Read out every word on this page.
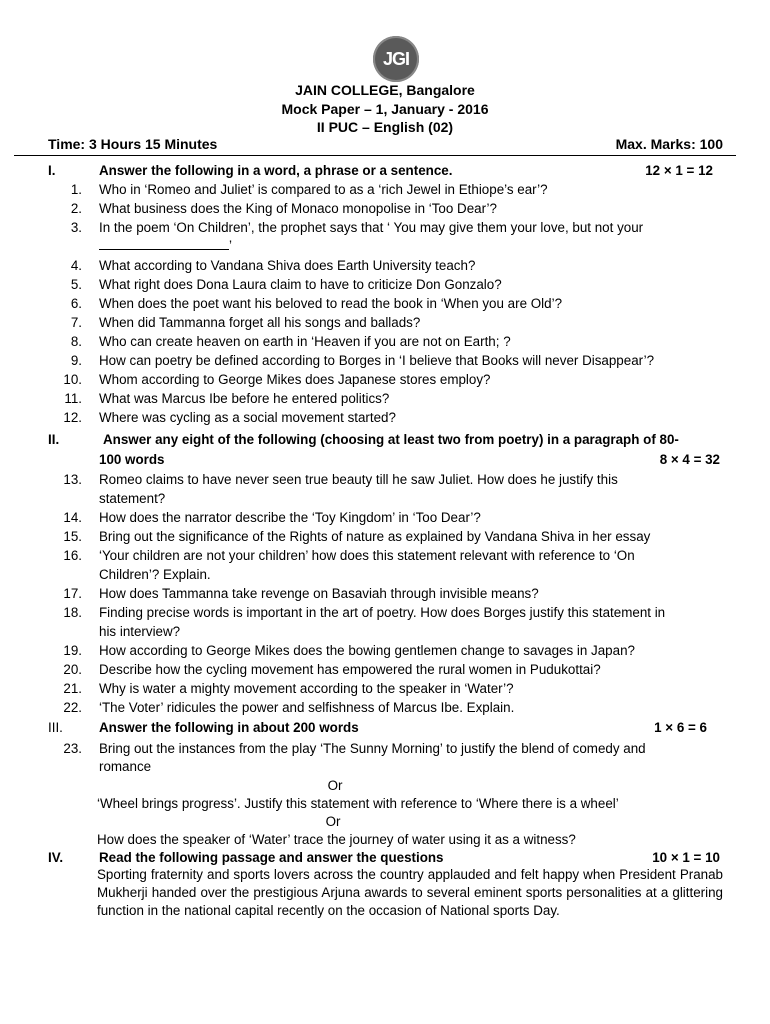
JGI
JAIN COLLEGE, Bangalore
Mock Paper – 1, January - 2016
II PUC – English (02)
Time: 3 Hours 15 Minutes	Max. Marks: 100
I.	Answer the following in a word, a phrase or a sentence.	12 × 1 = 12
1. Who in ‘Romeo and Juliet’ is compared to as a ‘rich Jewel in Ethiope’s ear’?
2. What business does the King of Monaco monopolise in ‘Too Dear’?
3. In the poem ‘On Children’, the prophet says that ‘ You may give them your love, but not your
’
4. What according to Vandana Shiva does Earth University teach?
5. What right does Dona Laura claim to have to criticize Don Gonzalo?
6. When does the poet want his beloved to read the book in ‘When you are Old’?
7. When did Tammanna forget all his songs and ballads?
8. Who can create heaven on earth in ‘Heaven if you are not on Earth; ?
9. How can poetry be defined according to Borges in ‘I believe that Books will never Disappear’?
10. Whom according to George Mikes does Japanese stores employ?
11. What was Marcus Ibe before he entered politics?
12. Where was cycling as a social movement started?
II.	Answer any eight of the following (choosing at least two from poetry) in a paragraph of 80-
100 words	8 × 4 = 32
13. Romeo claims to have never seen true beauty till he saw Juliet. How does he justify this
statement?
14. How does the narrator describe the ‘Toy Kingdom’ in ‘Too Dear’?
15. Bring out the significance of the Rights of nature as explained by Vandana Shiva in her essay
16. ‘Your children are not your children’ how does this statement relevant with reference to ‘On
Children’? Explain.
17. How does Tammanna take revenge on Basaviah through invisible means?
18. Finding precise words is important in the art of poetry. How does Borges justify this statement in
his interview?
19. How according to George Mikes does the bowing gentlemen change to savages in Japan?
20. Describe how the cycling movement has empowered the rural women in Pudukottai?
21. Why is water a mighty movement according to the speaker in ‘Water’?
22. ‘The Voter’ ridicules the power and selfishness of Marcus Ibe. Explain.
III.	Answer the following in about 200 words	1 × 6 = 6
23. Bring out the instances from the play ‘The Sunny Morning’ to justify the blend of comedy and
romance
Or
‘Wheel brings progress’. Justify this statement with reference to ‘Where there is a wheel’
Or
How does the speaker of ‘Water’ trace the journey of water using it as a witness?
IV.	Read the following passage and answer the questions	10 × 1 = 10
Sporting fraternity and sports lovers across the country applauded and felt happy when President Pranab Mukherji handed over the prestigious Arjuna awards to several eminent sports personalities at a glittering function in the national capital recently on the occasion of National sports Day.
